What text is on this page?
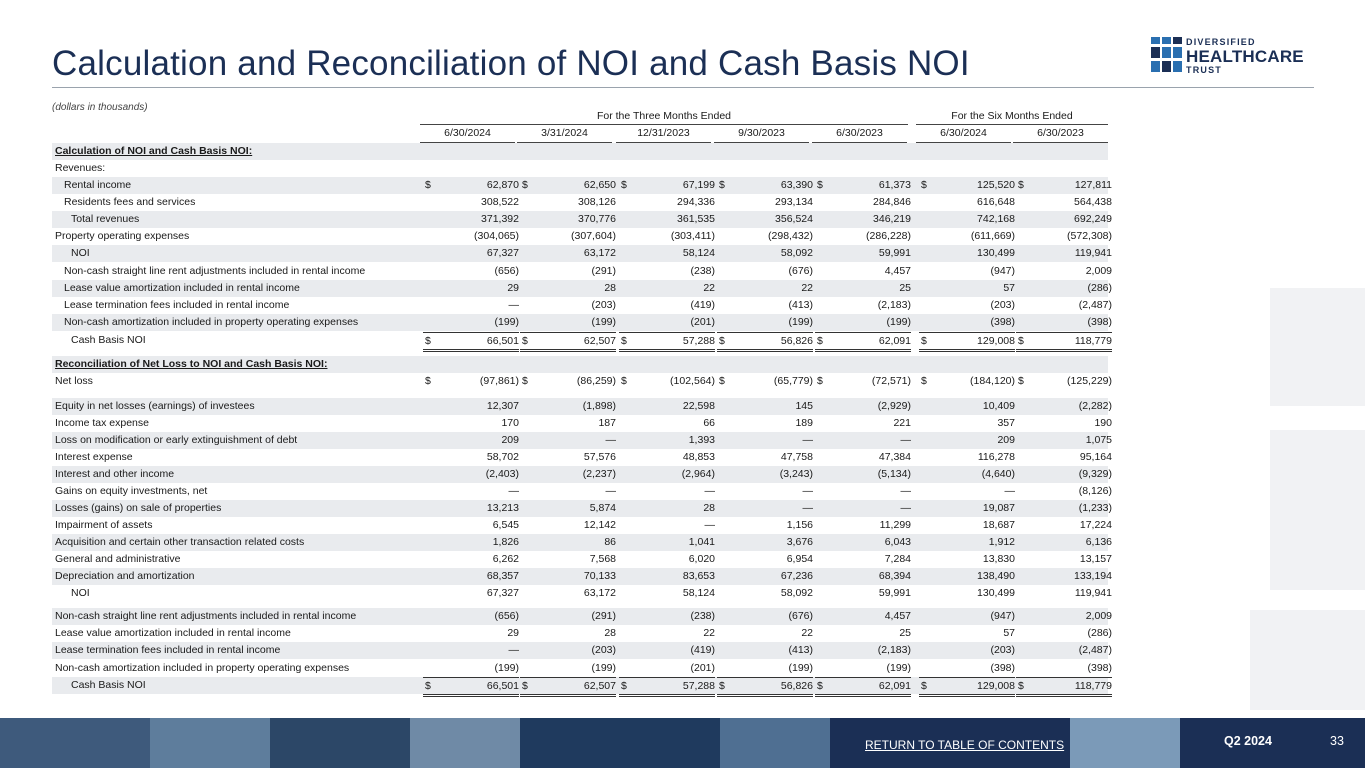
Calculation and Reconciliation of NOI and Cash Basis NOI
DIVERSIFIED
HEALTHCARE
TRUST
(dollars in thousands)
For the Three Months Ended	For the Six Months Ended
6/30/2024	3/31/2024	12/31/2023	9/30/2023	6/30/2023	6/30/2024	6/30/2023
Calculation of NOI and Cash Basis NOI:
Revenues:
Rental income	$	62,870 $	62,650 $	67,199 $	63,390 $	61,373 $	125,520 $	127,811
Residents fees and services	308,522	308,126	294,336	293,134	284,846	616,648	564,438
Total revenues	371,392	370,776	361,535	356,524	346,219	742,168	692,249
Property operating expenses	(304,065)	(307,604)	(303,411)	(298,432)	(286,228)	(611,669)	(572,308)
NOI	67,327	63,172	58,124	58,092	59,991	130,499	119,941
Non-cash straight line rent adjustments included in rental income	(656)	(291)	(238)	(676)	4,457	(947)	2,009
Lease value amortization included in rental income	29	28	22	22	25	57	(286)
Lease termination fees included in rental income	—	(203)	(419)	(413)	(2,183)	(203)	(2,487)
Non-cash amortization included in property operating expenses	(199)	(199)	(201)	(199)	(199)	(398)	(398)
Cash Basis NOI	$	66,501 $	62,507 $	57,288 $	56,826 $	62,091 $	129,008 $	118,779
Reconciliation of Net Loss to NOI and Cash Basis NOI:
Net loss	$	(97,861) $	(86,259) $	(102,564) $	(65,779) $	(72,571) $	(184,120) $	(125,229)
Equity in net losses (earnings) of investees	12,307	(1,898)	22,598	145	(2,929)	10,409	(2,282)
Income tax expense	170	187	66	189	221	357	190
Loss on modification or early extinguishment of debt	209	—	1,393	—	—	209	1,075
Interest expense	58,702	57,576	48,853	47,758	47,384	116,278	95,164
Interest and other income	(2,403)	(2,237)	(2,964)	(3,243)	(5,134)	(4,640)	(9,329)
Gains on equity investments, net	—	—	—	—	—	—	(8,126)
Losses (gains) on sale of properties	13,213	5,874	28	—	—	19,087	(1,233)
Impairment of assets	6,545	12,142	—	1,156	11,299	18,687	17,224
Acquisition and certain other transaction related costs	1,826	86	1,041	3,676	6,043	1,912	6,136
General and administrative	6,262	7,568	6,020	6,954	7,284	13,830	13,157
Depreciation and amortization	68,357	70,133	83,653	67,236	68,394	138,490	133,194
NOI	67,327	63,172	58,124	58,092	59,991	130,499	119,941
Non-cash straight line rent adjustments included in rental income	(656)	(291)	(238)	(676)	4,457	(947)	2,009
Lease value amortization included in rental income	29	28	22	22	25	57	(286)
Lease termination fees included in rental income	—	(203)	(419)	(413)	(2,183)	(203)	(2,487)
Non-cash amortization included in property operating expenses	(199)	(199)	(201)	(199)	(199)	(398)	(398)
Cash Basis NOI	$	66,501 $	62,507 $	57,288 $	56,826 $	62,091 $	129,008 $	118,779
RETURN TO TABLE OF CONTENTS	Q2 2024	33
